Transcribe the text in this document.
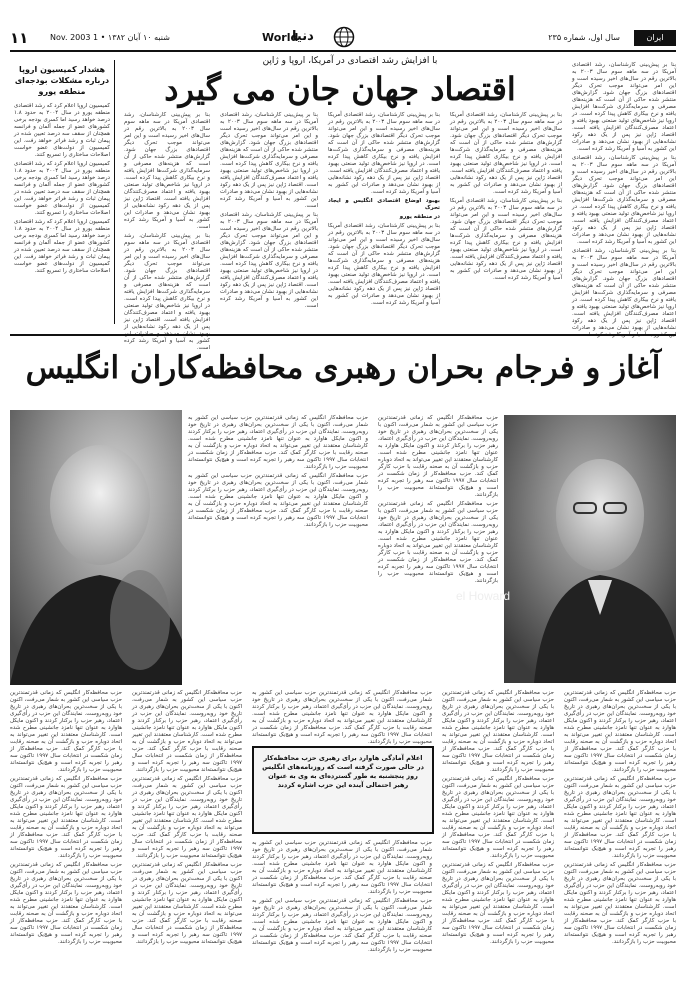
ایران
سال اول، شماره ۲۳۵
دنیا
World
شنبه ۱۰ آبان ۱۳۸۲ • 1 Nov. 2003
۱۱
با افزایش رشد اقتصادی در آمریکا، اروپا و ژاپن
اقتصاد جهان جان می گیرد

بنا بر پیش‌بینی کارشناسان، رشد اقتصادی آمریکا در سه ماهه سوم سال ۲۰۰۳ به بالاترین رقم در سال‌های اخیر رسیده است و این امر می‌تواند موجب تحرک دیگر اقتصادهای بزرگ جهان شود. گزارش‌های منتشر شده حاکی از آن است که هزینه‌های مصرفی و سرمایه‌گذاری شرکت‌ها افزایش یافته و نرخ بیکاری کاهش پیدا کرده است. در اروپا نیز شاخص‌های تولید صنعتی بهبود یافته و اعتماد مصرف‌کنندگان افزایش یافته است. اقتصاد ژاپن نیز پس از یک دهه رکود نشانه‌هایی از بهبود نشان می‌دهد و صادرات این کشور به آسیا و آمریکا رشد کرده است.

بنا بر پیش‌بینی کارشناسان، رشد اقتصادی آمریکا در سه ماهه سوم سال ۲۰۰۳ به بالاترین رقم در سال‌های اخیر رسیده است و این امر می‌تواند موجب تحرک دیگر اقتصادهای بزرگ جهان شود. گزارش‌های منتشر شده حاکی از آن است که هزینه‌های مصرفی و سرمایه‌گذاری شرکت‌ها افزایش یافته و نرخ بیکاری کاهش پیدا کرده است. در اروپا نیز شاخص‌های تولید صنعتی بهبود یافته و اعتماد مصرف‌کنندگان افزایش یافته است. اقتصاد ژاپن نیز پس از یک دهه رکود نشانه‌هایی از بهبود نشان می‌دهد و صادرات این کشور به آسیا و آمریکا رشد کرده است.

بنا بر پیش‌بینی کارشناسان، رشد اقتصادی آمریکا در سه ماهه سوم سال ۲۰۰۳ به بالاترین رقم در سال‌های اخیر رسیده است و این امر می‌تواند موجب تحرک دیگر اقتصادهای بزرگ جهان شود. گزارش‌های منتشر شده حاکی از آن است که هزینه‌های مصرفی و سرمایه‌گذاری شرکت‌ها افزایش یافته و نرخ بیکاری کاهش پیدا کرده است. در اروپا نیز شاخص‌های تولید صنعتی بهبود یافته و اعتماد مصرف‌کنندگان افزایش یافته است. اقتصاد ژاپن نیز پس از یک دهه رکود نشانه‌هایی از بهبود نشان می‌دهد و صادرات

بنا بر پیش‌بینی کارشناسان، رشد اقتصادی آمریکا در سه ماهه سوم سال ۲۰۰۳ به بالاترین رقم در سال‌های اخیر رسیده است و این امر می‌تواند موجب تحرک دیگر اقتصادهای بزرگ جهان شود. گزارش‌های منتشر شده حاکی از آن است که هزینه‌های مصرفی و سرمایه‌گذاری شرکت‌ها افزایش یافته و نرخ بیکاری کاهش پیدا کرده است. در اروپا نیز شاخص‌های تولید صنعتی بهبود یافته و اعتماد مصرف‌کنندگان افزایش یافته است. اقتصاد ژاپن نیز پس از یک دهه رکود نشانه‌هایی از بهبود نشان می‌دهد و صادرات این کشور به آسیا و آمریکا رشد کرده است.

بنا بر پیش‌بینی کارشناسان، رشد اقتصادی آمریکا در سه ماهه سوم سال ۲۰۰۳ به بالاترین رقم در سال‌های اخیر رسیده است و این امر می‌تواند موجب تحرک دیگر اقتصادهای بزرگ جهان شود. گزارش‌های منتشر شده حاکی از آن است که هزینه‌های مصرفی و سرمایه‌گذاری شرکت‌ها افزایش یافته و نرخ بیکاری کاهش پیدا کرده است. در اروپا نیز شاخص‌های تولید صنعتی بهبود یافته و اعتماد مصرف‌کنندگان افزایش یافته است. اقتصاد ژاپن نیز پس از یک دهه رکود نشانه‌هایی از بهبود نشان می‌دهد و صادرات این کشور به آسیا و آمریکا رشد کرده است.

بنا بر پیش‌بینی کارشناسان، رشد اقتصادی آمریکا در سه ماهه سوم سال ۲۰۰۳ به بالاترین رقم در سال‌های اخیر رسیده است و این امر می‌تواند موجب تحرک دیگر اقتصادهای بزرگ جهان شود. گزارش‌های منتشر شده حاکی از آن است که هزینه‌های مصرفی و سرمایه‌گذاری شرکت‌ها افزایش یافته و نرخ بیکاری کاهش پیدا کرده است. در اروپا نیز شاخص‌های تولید صنعتی بهبود یافته و اعتماد مصرف‌کنندگان افزایش یافته است. اقتصاد ژاپن نیز پس از یک دهه رکود نشانه‌هایی از بهبود نشان می‌دهد و صادرات این کشور به آسیا و آمریکا رشد کرده است.

بهبود اوضاع اقتصادی انگلیس و ایجاد تحرک

در منطقه یورو

بنا بر پیش‌بینی کارشناسان، رشد اقتصادی آمریکا در سه ماهه سوم سال ۲۰۰۳ به بالاترین رقم در سال‌های اخیر رسیده است و این امر می‌تواند موجب تحرک دیگر اقتصادهای بزرگ جهان شود. گزارش‌های منتشر شده حاکی از آن است که هزینه‌های مصرفی و سرمایه‌گذاری شرکت‌ها افزایش یافته و نرخ بیکاری کاهش پیدا کرده است. در اروپا نیز شاخص‌های تولید صنعتی بهبود یافته و اعتماد مصرف‌کنندگان افزایش یافته است. اقتصاد ژاپن نیز پس از یک دهه رکود نشانه‌هایی از بهبود نشان می‌دهد و صادرات این کشور به آسیا و آمریکا رشد کرده است.

بنا بر پیش‌بینی کارشناسان، رشد اقتصادی آمریکا در سه ماهه سوم سال ۲۰۰۳ به بالاترین رقم در سال‌های اخیر رسیده است و این امر می‌تواند موجب تحرک دیگر اقتصادهای بزرگ جهان شود. گزارش‌های منتشر شده حاکی از آن است که هزینه‌های مصرفی و سرمایه‌گذاری شرکت‌ها افزایش یافته و نرخ بیکاری کاهش پیدا کرده است. در اروپا نیز شاخص‌های تولید صنعتی بهبود یافته و اعتماد مصرف‌کنندگان افزایش یافته است. اقتصاد ژاپن نیز پس از یک دهه رکود نشانه‌هایی از بهبود نشان می‌دهد و صادرات این کشور به آسیا و آمریکا رشد کرده است.

بنا بر پیش‌بینی کارشناسان، رشد اقتصادی آمریکا در سه ماهه سوم سال ۲۰۰۳ به بالاترین رقم در سال‌های اخیر رسیده است و این امر می‌تواند موجب تحرک دیگر اقتصادهای بزرگ جهان شود. گزارش‌های منتشر شده حاکی از آن است که هزینه‌های مصرفی و سرمایه‌گذاری شرکت‌ها افزایش یافته و نرخ بیکاری کاهش پیدا کرده است. در اروپا نیز شاخص‌های تولید صنعتی بهبود یافته و اعتماد مصرف‌کنندگان افزایش یافته است. اقتصاد ژاپن نیز پس از یک دهه رکود نشانه‌هایی از بهبود نشان می‌دهد و صادرات این کشور به آسیا و آمریکا رشد کرده است.

بنا بر پیش‌بینی کارشناسان، رشد اقتصادی آمریکا در سه ماهه سوم سال ۲۰۰۳ به بالاترین رقم در سال‌های اخیر رسیده است و این امر می‌تواند موجب تحرک دیگر اقتصادهای بزرگ جهان شود. گزارش‌های منتشر شده حاکی از آن است که هزینه‌های مصرفی و سرمایه‌گذاری شرکت‌ها افزایش یافته و نرخ بیکاری کاهش پیدا کرده است. در اروپا نیز شاخص‌های تولید صنعتی بهبود یافته و اعتماد مصرف‌کنندگان افزایش یافته است. اقتصاد ژاپن نیز پس از یک دهه رکود نشانه‌هایی از بهبود نشان می‌دهد و صادرات این کشور به آسیا و آمریکا رشد کرده است.

بنا بر پیش‌بینی کارشناسان، رشد اقتصادی آمریکا در سه ماهه سوم سال ۲۰۰۳ به بالاترین رقم در سال‌های اخیر رسیده است و این امر می‌تواند موجب تحرک دیگر اقتصادهای بزرگ جهان شود. گزارش‌های منتشر شده حاکی از آن است که هزینه‌های مصرفی و سرمایه‌گذاری شرکت‌ها افزایش یافته و نرخ بیکاری کاهش پیدا کرده است. در اروپا نیز شاخص‌های تولید صنعتی بهبود یافته و اعتماد مصرف‌کنندگان افزایش یافته است. اقتصاد ژاپن نیز پس از یک دهه رکود نشانه‌هایی از کشور به آسیا و آمریکا رشد کرده است.

هشدار کمیسیون اروپا درباره مشکلات بودجه‌ای منطقه یورو

کمیسیون اروپا اعلام کرد که رشد اقتصادی منطقه یورو در سال ۲۰۰۴ به حدود ۱.۸ درصد خواهد رسید اما کسری بودجه برخی کشورهای عضو از جمله آلمان و فرانسه همچنان از سقف سه درصد تعیین شده در پیمان ثبات و رشد فراتر خواهد رفت. این کمیسیون از دولت‌های عضو خواست اصلاحات ساختاری را تسریع کنند.

کمیسیون اروپا اعلام کرد که رشد اقتصادی منطقه یورو در سال ۲۰۰۴ به حدود ۱.۸ درصد خواهد رسید اما کسری بودجه برخی کشورهای عضو از جمله آلمان و فرانسه همچنان از سقف سه درصد تعیین شده در پیمان ثبات و رشد فراتر خواهد رفت. این کمیسیون از دولت‌های عضو خواست اصلاحات ساختاری را تسریع کنند.

کمیسیون اروپا اعلام کرد که رشد اقتصادی منطقه یورو در سال ۲۰۰۴ به حدود ۱.۸ درصد خواهد رسید اما کسری بودجه برخی کشورهای عضو از جمله آلمان و فرانسه همچنان از سقف سه درصد تعیین شده در پیمان ثبات و رشد فراتر خواهد رفت. این کمیسیون از دولت‌های عضو خواست اصلاحات ساختاری را تسریع کنند.

آغاز و فرجام بحران رهبری محافظه‌کاران انگلیس
el Howard

حزب محافظه‌کار انگلیس که زمانی قدرتمندترین حزب سیاسی این کشور به شمار می‌رفت، اکنون با یکی از سخت‌ترین بحران‌های رهبری در تاریخ خود روبه‌روست. نمایندگان این حزب در رأی‌گیری اعتماد، رهبر حزب را برکنار کردند و اکنون مایکل هاوارد به عنوان تنها نامزد جانشینی مطرح شده است. کارشناسان معتقدند این تغییر می‌تواند به اتحاد دوباره حزب و بازگشت آن به صحنه رقابت با حزب کارگر کمک کند. حزب محافظه‌کار از زمان شکست در انتخابات سال ۱۹۹۷ تاکنون سه رهبر را تجربه کرده است و هیچ‌یک نتوانسته‌اند محبوبیت حزب را بازگردانند.

حزب محافظه‌کار انگلیس که زمانی قدرتمندترین حزب سیاسی این کشور به شمار می‌رفت، اکنون با یکی از سخت‌ترین بحران‌های رهبری در تاریخ خود روبه‌روست. نمایندگان این حزب در رأی‌گیری اعتماد، رهبر حزب را برکنار کردند و اکنون مایکل هاوارد به عنوان تنها نامزد جانشینی مطرح شده است. کارشناسان معتقدند این تغییر می‌تواند به اتحاد دوباره حزب و بازگشت آن به صحنه رقابت با حزب کارگر کمک کند. حزب محافظه‌کار از زمان شکست در انتخابات سال ۱۹۹۷ تاکنون سه رهبر را تجربه کرده است و هیچ‌یک نتوانسته‌اند محبوبیت حزب را بازگردانند.

حزب محافظه‌کار انگلیس که زمانی قدرتمندترین حزب سیاسی این کشور به شمار می‌رفت، اکنون با یکی از سخت‌ترین بحران‌های رهبری در تاریخ خود روبه‌روست. نمایندگان این حزب در رأی‌گیری اعتماد، رهبر حزب را برکنار کردند و اکنون مایکل هاوارد به عنوان تنها نامزد جانشینی مطرح شده است. کارشناسان معتقدند این تغییر می‌تواند به اتحاد دوباره حزب و بازگشت آن به صحنه رقابت با حزب کارگر کمک کند. حزب محافظه‌کار از زمان شکست در انتخابات سال ۱۹۹۷ تاکنون سه رهبر را تجربه کرده است و هیچ‌یک نتوانسته‌اند محبوبیت حزب را بازگردانند.

حزب محافظه‌کار انگلیس که زمانی قدرتمندترین حزب سیاسی این کشور به شمار می‌رفت، اکنون با یکی از سخت‌ترین بحران‌های رهبری در تاریخ خود روبه‌روست. نمایندگان این حزب در رأی‌گیری اعتماد، رهبر حزب را برکنار کردند و اکنون مایکل هاوارد به عنوان تنها نامزد جانشینی مطرح شده است. کارشناسان معتقدند این تغییر می‌تواند به اتحاد دوباره حزب و بازگشت آن به صحنه رقابت با حزب کارگر کمک کند. حزب محافظه‌کار از زمان شکست در انتخابات سال ۱۹۹۷ تاکنون سه رهبر را تجربه کرده است و هیچ‌یک نتوانسته‌اند محبوبیت حزب را بازگردانند.

حزب محافظه‌کار انگلیس که زمانی قدرتمندترین حزب سیاسی این کشور به شمار می‌رفت، اکنون با یکی از سخت‌ترین بحران‌های رهبری در تاریخ خود روبه‌روست. نمایندگان این حزب در رأی‌گیری اعتماد، رهبر حزب را برکنار کردند و اکنون مایکل هاوارد به عنوان تنها نامزد جانشینی مطرح شده است. کارشناسان معتقدند این تغییر می‌تواند به اتحاد دوباره حزب و بازگشت آن به صحنه رقابت با حزب کارگر کمک کند. حزب محافظه‌کار از زمان شکست در انتخابات سال ۱۹۹۷ تاکنون سه رهبر را تجربه کرده است و هیچ‌یک نتوانسته‌اند محبوبیت حزب را بازگردانند.

حزب محافظه‌کار انگلیس که زمانی قدرتمندترین حزب سیاسی این کشور به شمار می‌رفت، اکنون با یکی از سخت‌ترین بحران‌های رهبری در تاریخ خود روبه‌روست. نمایندگان این حزب در رأی‌گیری اعتماد، رهبر حزب را برکنار کردند و اکنون مایکل هاوارد به عنوان تنها نامزد جانشینی مطرح شده است. کارشناسان معتقدند این تغییر می‌تواند به اتحاد دوباره حزب و بازگشت آن به صحنه رقابت با حزب کارگر کمک کند. حزب محافظه‌کار از زمان شکست در انتخابات سال ۱۹۹۷ تاکنون سه رهبر را تجربه کرده است و هیچ‌یک نتوانسته‌اند محبوبیت حزب را بازگردانند.

حزب محافظه‌کار انگلیس که زمانی قدرتمندترین حزب سیاسی این کشور به شمار می‌رفت، اکنون با یکی از سخت‌ترین بحران‌های رهبری در تاریخ خود روبه‌روست. نمایندگان این حزب در رأی‌گیری اعتماد، رهبر حزب را برکنار کردند و اکنون مایکل هاوارد به عنوان تنها نامزد جانشینی مطرح شده است. کارشناسان معتقدند این تغییر می‌تواند به اتحاد دوباره حزب و بازگشت آن به صحنه رقابت با حزب کارگر کمک کند. حزب محافظه‌کار از زمان شکست در انتخابات سال ۱۹۹۷ تاکنون سه رهبر را تجربه کرده است و هیچ‌یک نتوانسته‌اند محبوبیت حزب را بازگردانند.

حزب محافظه‌کار انگلیس که زمانی قدرتمندترین حزب سیاسی این کشور به شمار می‌رفت، اکنون با یکی از سخت‌ترین بحران‌های رهبری در تاریخ خود روبه‌روست. نمایندگان این حزب در رأی‌گیری اعتماد، رهبر حزب را برکنار کردند و اکنون مایکل هاوارد به عنوان تنها نامزد جانشینی مطرح شده است. کارشناسان معتقدند این تغییر می‌تواند به اتحاد دوباره حزب و بازگشت آن به صحنه رقابت با حزب کارگر کمک کند. حزب محافظه‌کار از زمان شکست در انتخابات سال ۱۹۹۷ تاکنون سه رهبر را تجربه کرده است و هیچ‌یک نتوانسته‌اند محبوبیت حزب را بازگردانند.

حزب محافظه‌کار انگلیس که زمانی قدرتمندترین حزب سیاسی این کشور به شمار می‌رفت، اکنون با یکی از سخت‌ترین بحران‌های رهبری در تاریخ خود روبه‌روست. نمایندگان این حزب در رأی‌گیری اعتماد، رهبر حزب را برکنار کردند و اکنون مایکل هاوارد به عنوان تنها نامزد جانشینی مطرح شده است. کارشناسان معتقدند این تغییر می‌تواند به اتحاد دوباره حزب و بازگشت آن به صحنه رقابت با حزب کارگر کمک کند. حزب محافظه‌کار از زمان شکست در انتخابات سال ۱۹۹۷ تاکنون سه رهبر را تجربه کرده است و هیچ‌یک نتوانسته‌اند محبوبیت حزب را بازگردانند.

حزب محافظه‌کار انگلیس که زمانی قدرتمندترین حزب سیاسی این کشور به شمار می‌رفت، اکنون با یکی از سخت‌ترین بحران‌های رهبری در تاریخ خود روبه‌روست. نمایندگان این حزب در رأی‌گیری اعتماد، رهبر حزب را برکنار کردند و اکنون مایکل هاوارد به عنوان تنها نامزد جانشینی مطرح شده است. کارشناسان معتقدند این تغییر می‌تواند به اتحاد دوباره حزب و بازگشت آن به صحنه رقابت با حزب کارگر کمک کند. حزب محافظه‌کار از زمان شکست در انتخابات سال ۱۹۹۷ تاکنون سه رهبر را تجربه کرده است و هیچ‌یک نتوانسته‌اند محبوبیت حزب را بازگردانند.

حزب محافظه‌کار انگلیس که زمانی قدرتمندترین حزب سیاسی این کشور به شمار می‌رفت، اکنون با یکی از سخت‌ترین بحران‌های رهبری در تاریخ خود روبه‌روست. نمایندگان این حزب در رأی‌گیری اعتماد، رهبر حزب را برکنار کردند و اکنون مایکل هاوارد به عنوان تنها نامزد جانشینی مطرح شده است. کارشناسان معتقدند این تغییر می‌تواند به اتحاد دوباره حزب و بازگشت آن به صحنه رقابت با حزب کارگر کمک کند. حزب محافظه‌کار از زمان شکست در انتخابات سال ۱۹۹۷ تاکنون سه رهبر را تجربه کرده است و هیچ‌یک نتوانسته‌اند محبوبیت حزب را بازگردانند.

اعلام آمادگی هاوارد برای رهبری حزب محافظه‌کار در حالی صورت گرفته است که روزنامه‌های انگلیس روز پنجشنبه به طور گسترده‌ای به وی به عنوان رهبر احتمالی آینده این حزب اشاره کردند

حزب محافظه‌کار انگلیس که زمانی قدرتمندترین حزب سیاسی این کشور به شمار می‌رفت، اکنون با یکی از سخت‌ترین بحران‌های رهبری در تاریخ خود روبه‌روست. نمایندگان این حزب در رأی‌گیری اعتماد، رهبر حزب را برکنار کردند و اکنون مایکل هاوارد به عنوان تنها نامزد جانشینی مطرح شده است. کارشناسان معتقدند این تغییر می‌تواند به اتحاد دوباره حزب و بازگشت آن به صحنه رقابت با حزب کارگر کمک کند. حزب محافظه‌کار از زمان شکست در انتخابات سال ۱۹۹۷ تاکنون سه رهبر را تجربه کرده است و هیچ‌یک نتوانسته‌اند محبوبیت حزب را بازگردانند.

حزب محافظه‌کار انگلیس که زمانی قدرتمندترین حزب سیاسی این کشور به شمار می‌رفت، اکنون با یکی از سخت‌ترین بحران‌های رهبری در تاریخ خود روبه‌روست. نمایندگان این حزب در رأی‌گیری اعتماد، رهبر حزب را برکنار کردند و اکنون مایکل هاوارد به عنوان تنها نامزد جانشینی مطرح شده است. کارشناسان معتقدند این تغییر می‌تواند به اتحاد دوباره حزب و بازگشت آن به صحنه رقابت با حزب کارگر کمک کند. حزب محافظه‌کار از زمان شکست در انتخابات سال ۱۹۹۷ تاکنون سه رهبر را تجربه کرده است و هیچ‌یک نتوانسته‌اند محبوبیت حزب را بازگردانند.

حزب محافظه‌کار انگلیس که زمانی قدرتمندترین حزب سیاسی این کشور به شمار می‌رفت، اکنون با یکی از سخت‌ترین بحران‌های رهبری در تاریخ خود روبه‌روست. نمایندگان این حزب در رأی‌گیری اعتماد، رهبر حزب را برکنار کردند و اکنون مایکل هاوارد به عنوان تنها نامزد جانشینی مطرح شده است. کارشناسان معتقدند این تغییر می‌تواند به اتحاد دوباره حزب و بازگشت آن به صحنه رقابت با حزب کارگر کمک کند. حزب محافظه‌کار از زمان شکست در انتخابات سال ۱۹۹۷ تاکنون سه رهبر را تجربه کرده است و هیچ‌یک نتوانسته‌اند محبوبیت حزب را بازگردانند.

حزب محافظه‌کار انگلیس که زمانی قدرتمندترین حزب سیاسی این کشور به شمار می‌رفت، اکنون با یکی از سخت‌ترین بحران‌های رهبری در تاریخ خود روبه‌روست. نمایندگان این حزب در رأی‌گیری اعتماد، رهبر حزب را برکنار کردند و اکنون مایکل هاوارد به عنوان تنها نامزد جانشینی مطرح شده است. کارشناسان معتقدند این تغییر می‌تواند به اتحاد دوباره حزب و بازگشت آن به صحنه رقابت با حزب کارگر کمک کند. حزب محافظه‌کار از زمان شکست در انتخابات سال ۱۹۹۷ تاکنون سه رهبر را تجربه کرده است و هیچ‌یک نتوانسته‌اند محبوبیت حزب را بازگردانند.

حزب محافظه‌کار انگلیس که زمانی قدرتمندترین حزب سیاسی این کشور به شمار می‌رفت، اکنون با یکی از سخت‌ترین بحران‌های رهبری در تاریخ خود روبه‌روست. نمایندگان این حزب در رأی‌گیری اعتماد، رهبر حزب را برکنار کردند و اکنون مایکل هاوارد به عنوان تنها نامزد جانشینی مطرح شده است. کارشناسان معتقدند این تغییر می‌تواند به اتحاد دوباره حزب و بازگشت آن به صحنه رقابت با حزب کارگر کمک کند. حزب محافظه‌کار از زمان شکست در انتخابات سال ۱۹۹۷ تاکنون سه رهبر را تجربه کرده است و هیچ‌یک نتوانسته‌اند محبوبیت حزب را بازگردانند.

حزب محافظه‌کار انگلیس که زمانی قدرتمندترین حزب سیاسی این کشور به شمار می‌رفت، اکنون با یکی از سخت‌ترین بحران‌های رهبری در تاریخ خود روبه‌روست. نمایندگان این حزب در رأی‌گیری اعتماد، رهبر حزب را برکنار کردند و اکنون مایکل هاوارد به عنوان تنها نامزد جانشینی مطرح شده است. کارشناسان معتقدند این تغییر می‌تواند به اتحاد دوباره حزب و بازگشت آن به صحنه رقابت با حزب کارگر کمک کند. حزب محافظه‌کار از زمان شکست در انتخابات سال ۱۹۹۷ تاکنون سه رهبر را تجربه کرده است و هیچ‌یک نتوانسته‌اند محبوبیت حزب را بازگردانند.

حزب محافظه‌کار انگلیس که زمانی قدرتمندترین حزب سیاسی این کشور به شمار می‌رفت، اکنون با یکی از سخت‌ترین بحران‌های رهبری در تاریخ خود روبه‌روست. نمایندگان این حزب در رأی‌گیری اعتماد، رهبر حزب را برکنار کردند و اکنون مایکل هاوارد به عنوان تنها نامزد جانشینی مطرح شده است. کارشناسان معتقدند این تغییر می‌تواند به اتحاد دوباره حزب و بازگشت آن به صحنه رقابت با حزب کارگر کمک کند. حزب محافظه‌کار از زمان شکست در انتخابات سال ۱۹۹۷ تاکنون سه رهبر را تجربه کرده است و هیچ‌یک نتوانسته‌اند محبوبیت حزب را بازگردانند.

حزب محافظه‌کار انگلیس که زمانی قدرتمندترین حزب سیاسی این کشور به شمار می‌رفت، اکنون با یکی از سخت‌ترین بحران‌های رهبری در تاریخ خود روبه‌روست. نمایندگان این حزب در رأی‌گیری اعتماد، رهبر حزب را برکنار کردند و اکنون مایکل هاوارد به عنوان تنها نامزد جانشینی مطرح شده است. کارشناسان معتقدند این تغییر می‌تواند به اتحاد دوباره حزب و بازگشت آن به صحنه رقابت با حزب کارگر کمک کند. حزب محافظه‌کار از زمان شکست در انتخابات سال ۱۹۹۷ تاکنون سه رهبر را تجربه کرده است و هیچ‌یک نتوانسته‌اند محبوبیت حزب را بازگردانند.
